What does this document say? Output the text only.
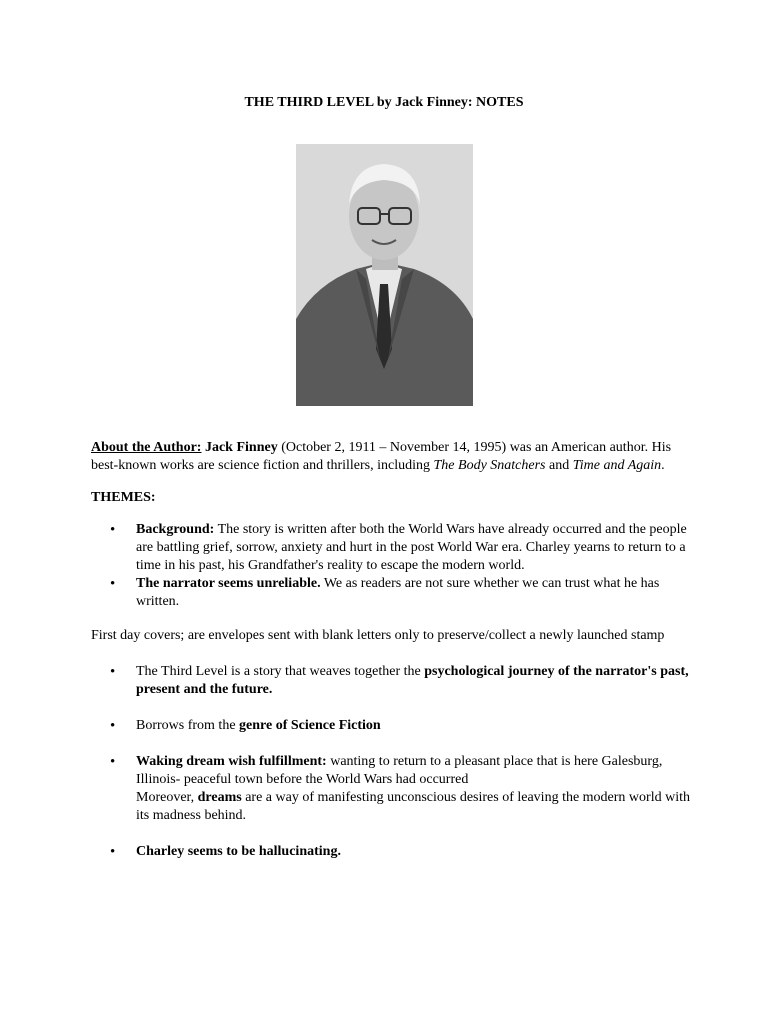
THE THIRD LEVEL by Jack Finney: NOTES

About the Author: Jack Finney (October 2, 1911 – November 14, 1995) was an American author. His best-known works are science fiction and thrillers, including The Body Snatchers and Time and Again.

THEMES:

• Background: The story is written after both the World Wars have already occurred and the people are battling grief, sorrow, anxiety and hurt in the post World War era. Charley yearns to return to a time in his past, his Grandfather's reality to escape the modern world.
• The narrator seems unreliable. We as readers are not sure whether we can trust what he has written.

First day covers; are envelopes sent with blank letters only to preserve/collect a newly launched stamp

• The Third Level is a story that weaves together the psychological journey of the narrator's past, present and the future.
• Borrows from the genre of Science Fiction
• Waking dream wish fulfillment: wanting to return to a pleasant place that is here Galesburg, Illinois- peaceful town before the World Wars had occurred
Moreover, dreams are a way of manifesting unconscious desires of leaving the modern world with its madness behind.
• Charley seems to be hallucinating.
